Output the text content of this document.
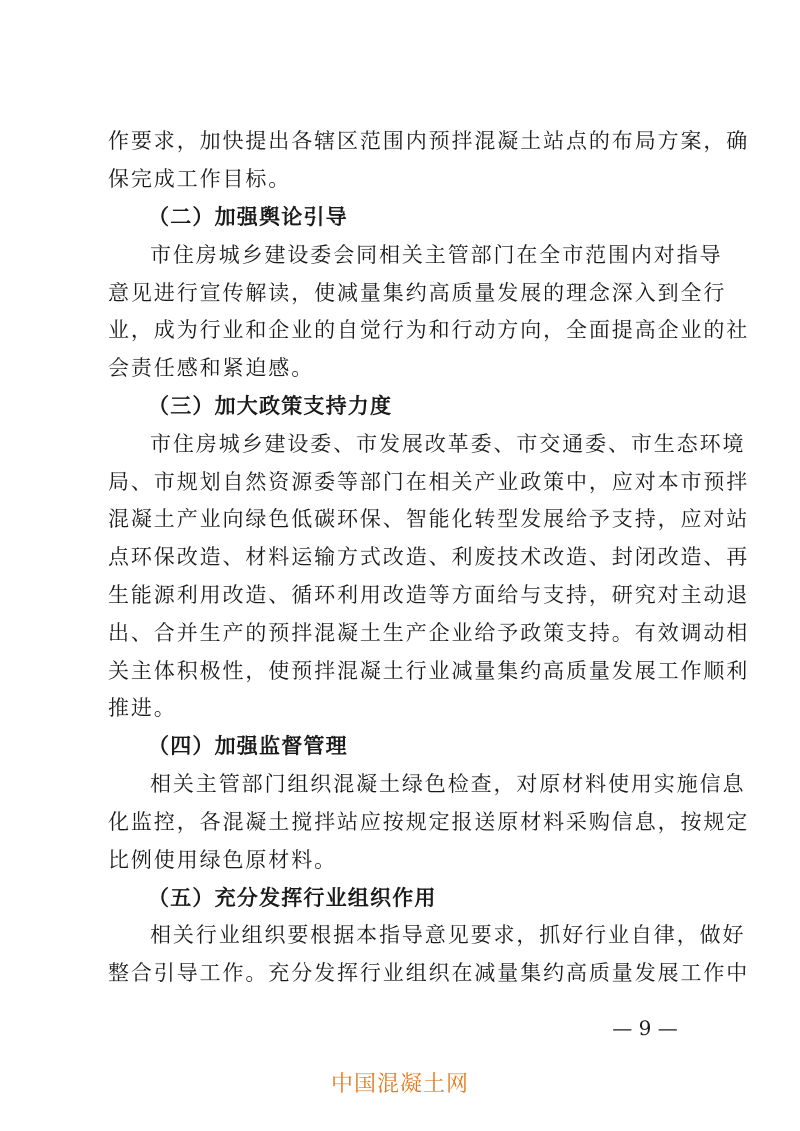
作要求，加快提出各辖区范围内预拌混凝土站点的布局方案，确
保完成工作目标。
（二）加强舆论引导
市住房城乡建设委会同相关主管部门在全市范围内对指导
意见进行宣传解读，使减量集约高质量发展的理念深入到全行
业，成为行业和企业的自觉行为和行动方向，全面提高企业的社
会责任感和紧迫感。
（三）加大政策支持力度
市住房城乡建设委、市发展改革委、市交通委、市生态环境
局、市规划自然资源委等部门在相关产业政策中，应对本市预拌
混凝土产业向绿色低碳环保、智能化转型发展给予支持，应对站
点环保改造、材料运输方式改造、利废技术改造、封闭改造、再
生能源利用改造、循环利用改造等方面给与支持，研究对主动退
出、合并生产的预拌混凝土生产企业给予政策支持。有效调动相
关主体积极性，使预拌混凝土行业减量集约高质量发展工作顺利
推进。
（四）加强监督管理
相关主管部门组织混凝土绿色检查，对原材料使用实施信息
化监控，各混凝土搅拌站应按规定报送原材料采购信息，按规定
比例使用绿色原材料。
（五）充分发挥行业组织作用
相关行业组织要根据本指导意见要求，抓好行业自律，做好
整合引导工作。充分发挥行业组织在减量集约高质量发展工作中
— 9 —
中国混凝土网
